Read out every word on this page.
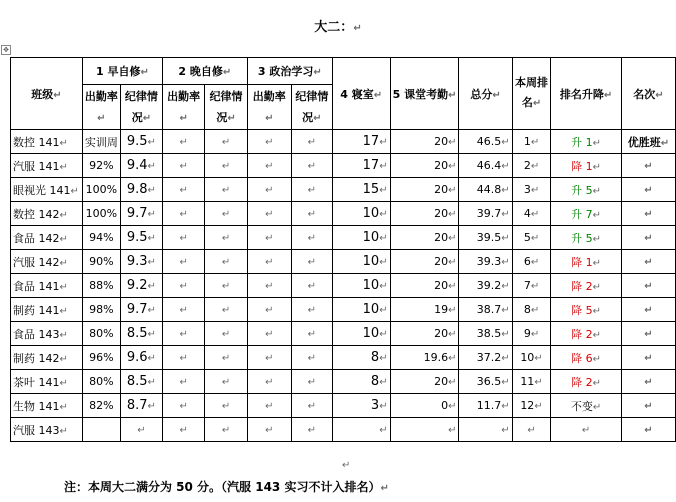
大二：↵
✥
班级↵	1 早自修↵		2 晚自修↵		3 政治学习↵		4 寝室↵	5 课堂考勤↵	总分↵	本周排名↵	排名升降↵	名次↵
	出勤率↵	纪律情况↵	出勤率↵	纪律情况↵	出勤率↵	纪律情况↵						
数控 141↵	实训周	9.5↵	↵	↵	↵	↵	17↵	20↵	46.5↵	1↵	升 1↵	优胜班↵
汽服 141↵	92%	9.4↵	↵	↵	↵	↵	17↵	20↵	46.4↵	2↵	降 1↵	↵
眼视光 141↵	100%	9.8↵	↵	↵	↵	↵	15↵	20↵	44.8↵	3↵	升 5↵	↵
数控 142↵	100%	9.7↵	↵	↵	↵	↵	10↵	20↵	39.7↵	4↵	升 7↵	↵
食品 142↵	94%	9.5↵	↵	↵	↵	↵	10↵	20↵	39.5↵	5↵	升 5↵	↵
汽服 142↵	90%	9.3↵	↵	↵	↵	↵	10↵	20↵	39.3↵	6↵	降 1↵	↵
食品 141↵	88%	9.2↵	↵	↵	↵	↵	10↵	20↵	39.2↵	7↵	降 2↵	↵
制药 141↵	98%	9.7↵	↵	↵	↵	↵	10↵	19↵	38.7↵	8↵	降 5↵	↵
食品 143↵	80%	8.5↵	↵	↵	↵	↵	10↵	20↵	38.5↵	9↵	降 2↵	↵
制药 142↵	96%	9.6↵	↵	↵	↵	↵	8↵	19.6↵	37.2↵	10↵	降 6↵	↵
茶叶 141↵	80%	8.5↵	↵	↵	↵	↵	8↵	20↵	36.5↵	11↵	降 2↵	↵
生物 141↵	82%	8.7↵	↵	↵	↵	↵	3↵	0↵	11.7↵	12↵	不变↵	↵
汽服 143↵		↵	↵	↵	↵	↵	↵	↵	↵	↵	↵	↵
↵
注：本周大二满分为 50 分。（汽服 143 实习不计入排名）↵
